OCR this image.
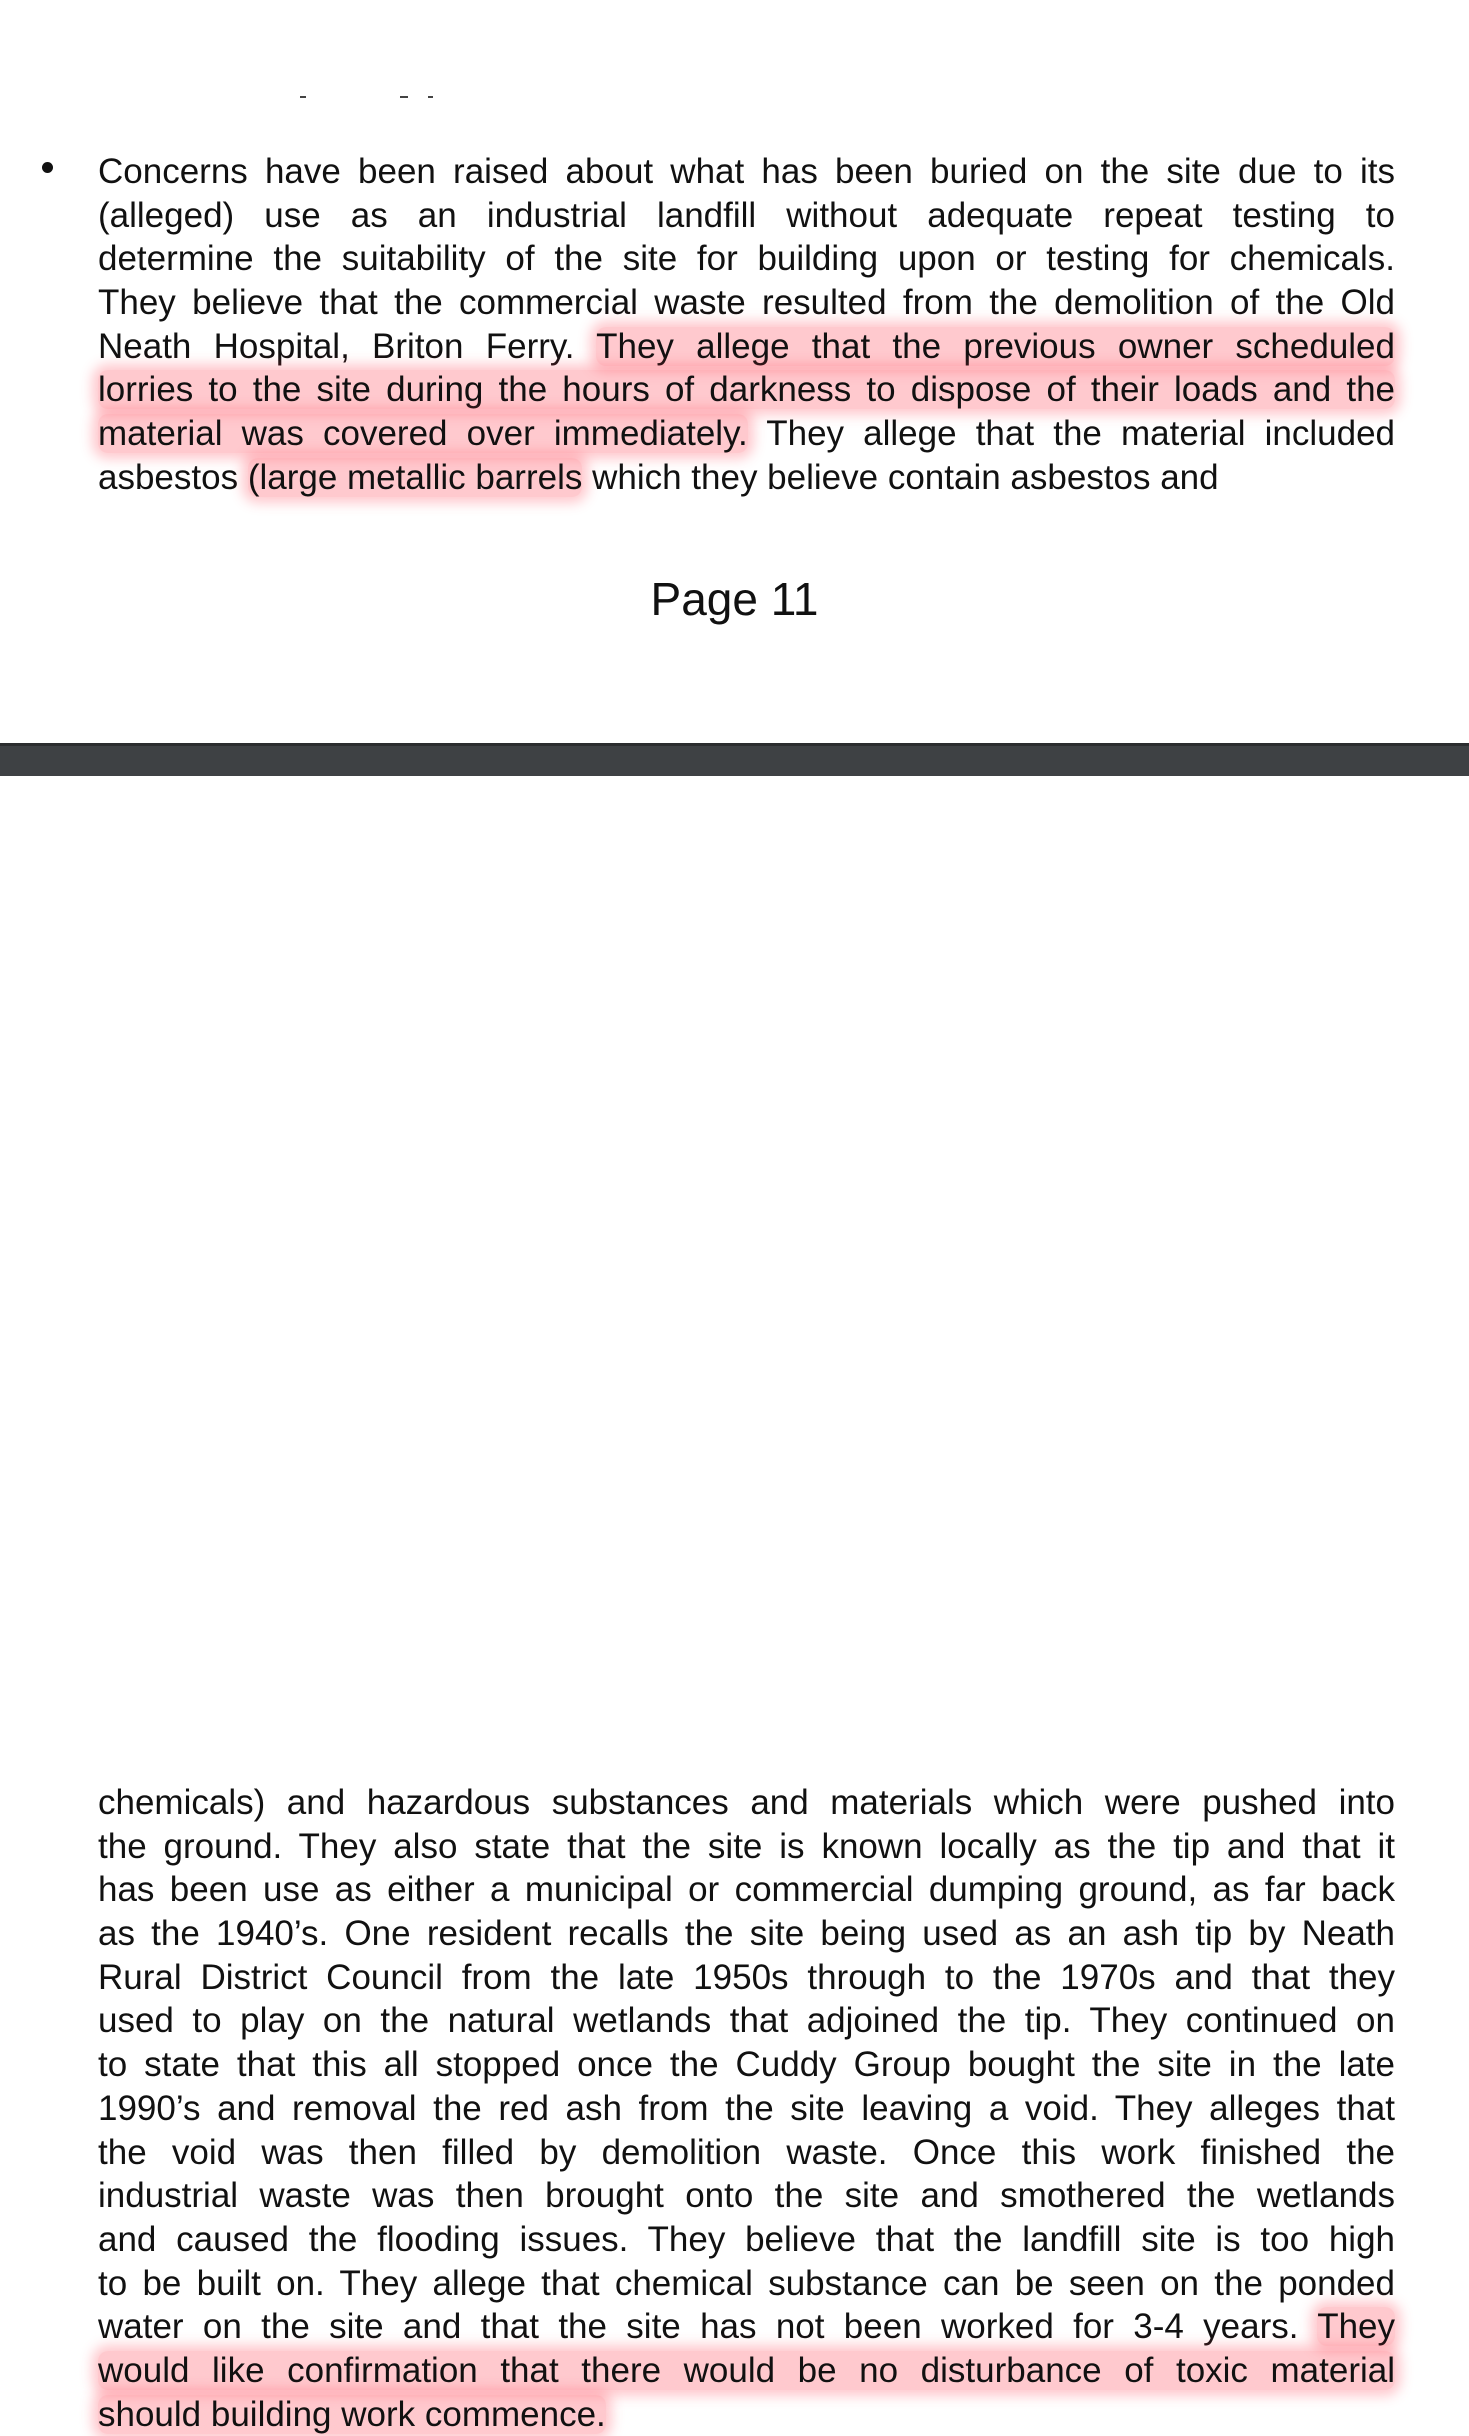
Concerns have been raised about what has been buried on the site due to its
(alleged) use as an industrial landfill without adequate repeat testing to
determine the suitability of the site for building upon or testing for chemicals.
They believe that the commercial waste resulted from the demolition of the Old
Neath Hospital, Briton Ferry. They allege that the previous owner scheduled
lorries to the site during the hours of darkness to dispose of their loads and the
material was covered over immediately. They allege that the material included
asbestos (large metallic barrels which they believe contain asbestos and
Page 11
chemicals) and hazardous substances and materials which were pushed into
the ground. They also state that the site is known locally as the tip and that it
has been use as either a municipal or commercial dumping ground, as far back
as the 1940’s. One resident recalls the site being used as an ash tip by Neath
Rural District Council from the late 1950s through to the 1970s and that they
used to play on the natural wetlands that adjoined the tip. They continued on
to state that this all stopped once the Cuddy Group bought the site in the late
1990’s and removal the red ash from the site leaving a void. They alleges that
the void was then filled by demolition waste. Once this work finished the
industrial waste was then brought onto the site and smothered the wetlands
and caused the flooding issues. They believe that the landfill site is too high
to be built on. They allege that chemical substance can be seen on the ponded
water on the site and that the site has not been worked for 3-4 years. They
would like confirmation that there would be no disturbance of toxic material
should building work commence.
